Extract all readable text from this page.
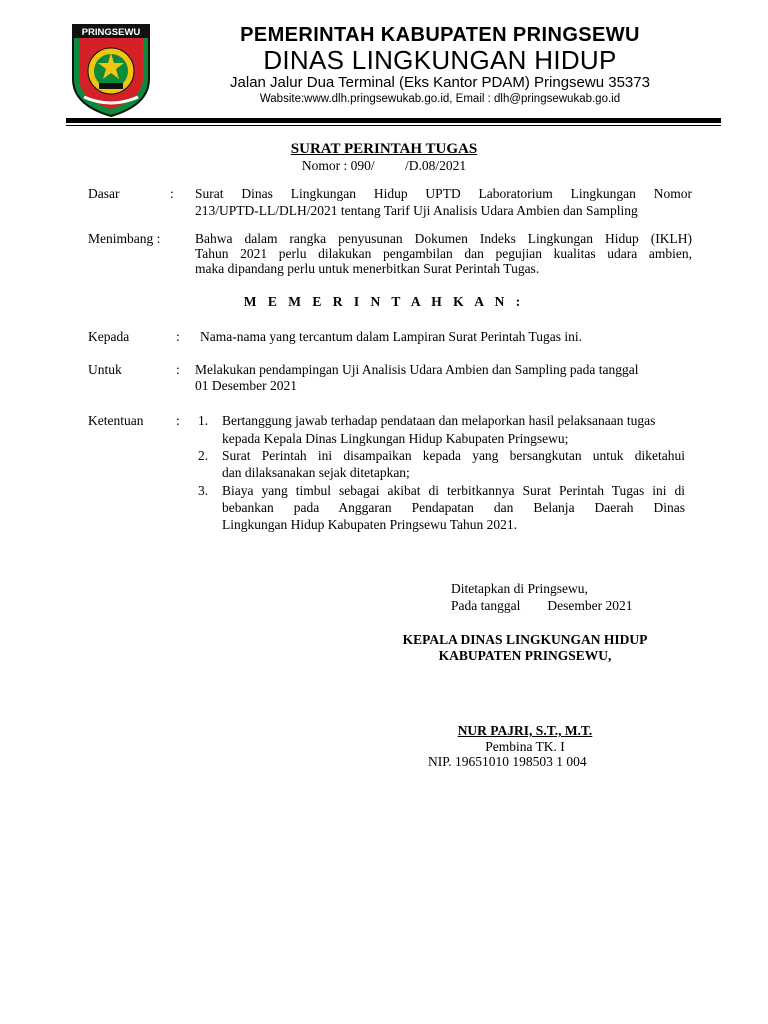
PRINGSEWU	PEMERINTAH KABUPATEN PRINGSEWU
DINAS LINGKUNGAN HIDUP
Jalan Jalur Dua Terminal (Eks Kantor PDAM) Pringsewu 35373
Wabsite:www.dlh.pringsewukab.go.id, Email : dlh@pringsewukab.go.id
SURAT PERINTAH TUGAS
Nomor : 090/         /D.08/2021
Dasar	: Surat Dinas Lingkungan Hidup UPTD Laboratorium Lingkungan Nomor
213/UPTD-LL/DLH/2021 tentang Tarif Uji Analisis Udara Ambien dan Sampling
Menimbang :	Bahwa dalam rangka penyusunan Dokumen Indeks Lingkungan Hidup (IKLH)
Tahun 2021 perlu dilakukan pengambilan dan pegujian kualitas udara ambien,
maka dipandang perlu untuk menerbitkan Surat Perintah Tugas.
M E M E R I N T A H K A N :
Kepada	: Nama-nama yang tercantum dalam Lampiran Surat Perintah Tugas ini.
Untuk	: Melakukan pendampingan Uji Analisis Udara Ambien dan Sampling pada tanggal
01 Desember 2021
Ketentuan : 1. Bertanggung jawab terhadap pendataan dan melaporkan hasil pelaksanaan tugas
kepada Kepala Dinas Lingkungan Hidup Kabupaten Pringsewu;
2. Surat Perintah ini disampaikan kepada yang bersangkutan untuk diketahui
dan dilaksanakan sejak ditetapkan;
3. Biaya yang timbul sebagai akibat di terbitkannya Surat Perintah Tugas ini di
bebankan pada Anggaran Pendapatan dan Belanja Daerah Dinas
Lingkungan Hidup Kabupaten Pringsewu Tahun 2021.
Ditetapkan di Pringsewu,
Pada tanggal        Desember 2021
KEPALA DINAS LINGKUNGAN HIDUP
KABUPATEN PRINGSEWU,
NUR PAJRI, S.T., M.T.
Pembina TK. I
NIP. 19651010 198503 1 004
